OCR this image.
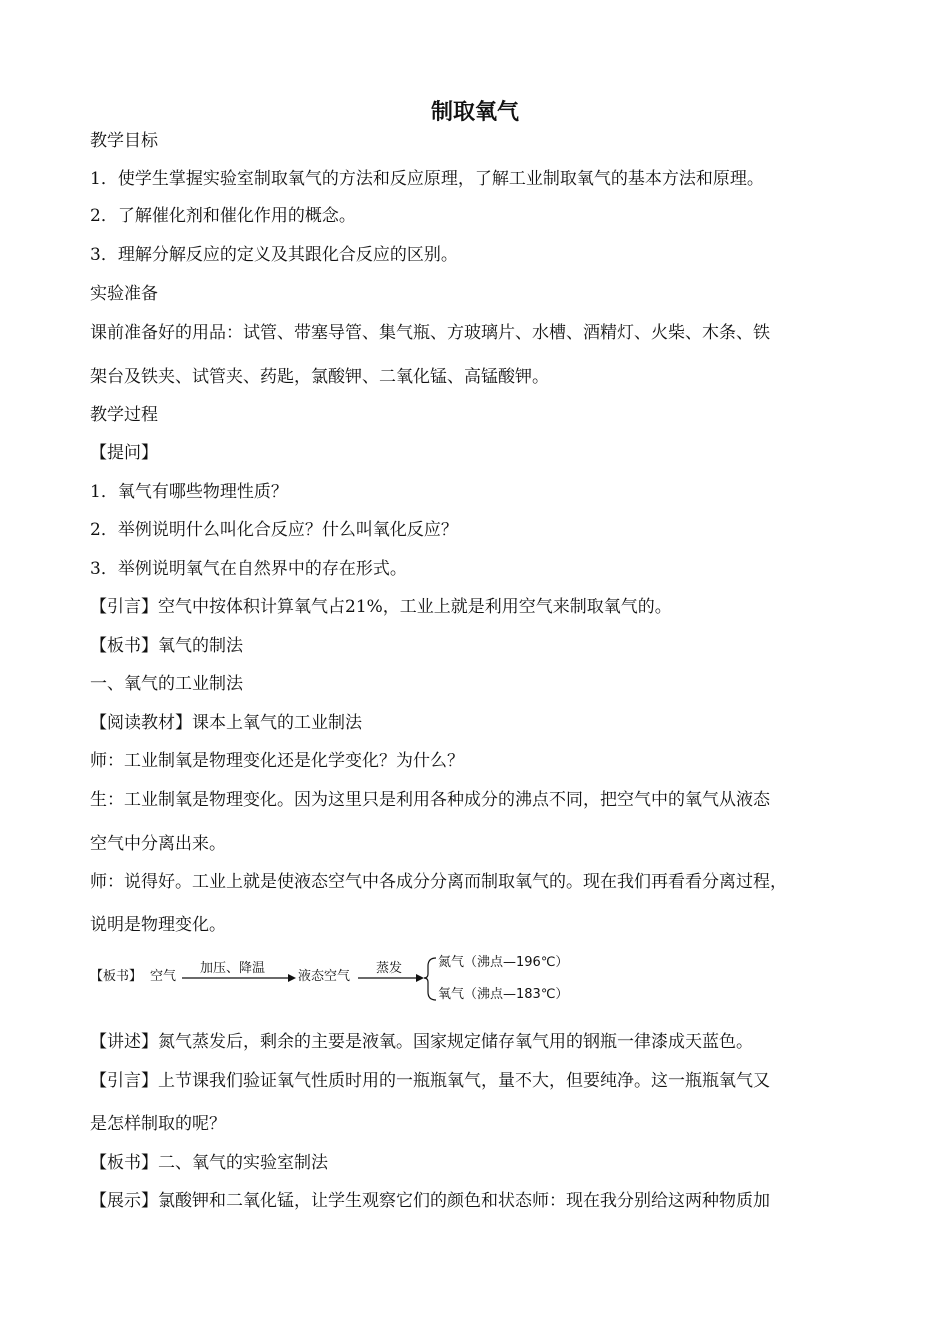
制取氧气
教学目标
1．使学生掌握实验室制取氧气的方法和反应原理，了解工业制取氧气的基本方法和原理。
2．了解催化剂和催化作用的概念。
3．理解分解反应的定义及其跟化合反应的区别。
实验准备
课前准备好的用品：试管、带塞导管、集气瓶、方玻璃片、水槽、酒精灯、火柴、木条、铁
架台及铁夹、试管夹、药匙，氯酸钾、二氧化锰、高锰酸钾。
教学过程
【提问】
1．氧气有哪些物理性质？
2．举例说明什么叫化合反应？什么叫氧化反应？
3．举例说明氧气在自然界中的存在形式。
【引言】空气中按体积计算氧气占21%，工业上就是利用空气来制取氧气的。
【板书】氧气的制法
一、氧气的工业制法
【阅读教材】课本上氧气的工业制法
师：工业制氧是物理变化还是化学变化？为什么？
生：工业制氧是物理变化。因为这里只是利用各种成分的沸点不同，把空气中的氧气从液态
空气中分离出来。
师：说得好。工业上就是使液态空气中各成分分离而制取氧气的。现在我们再看看分离过程，
说明是物理变化。
【板书】 空气
加压、降温
液态空气
蒸发	氮气（沸点—196℃）
氧气（沸点—183℃）
【讲述】氮气蒸发后，剩余的主要是液氧。国家规定储存氧气用的钢瓶一律漆成天蓝色。
【引言】上节课我们验证氧气性质时用的一瓶瓶氧气，量不大，但要纯净。这一瓶瓶氧气又
是怎样制取的呢？
【板书】二、氧气的实验室制法
【展示】氯酸钾和二氧化锰，让学生观察它们的颜色和状态师：现在我分别给这两种物质加
